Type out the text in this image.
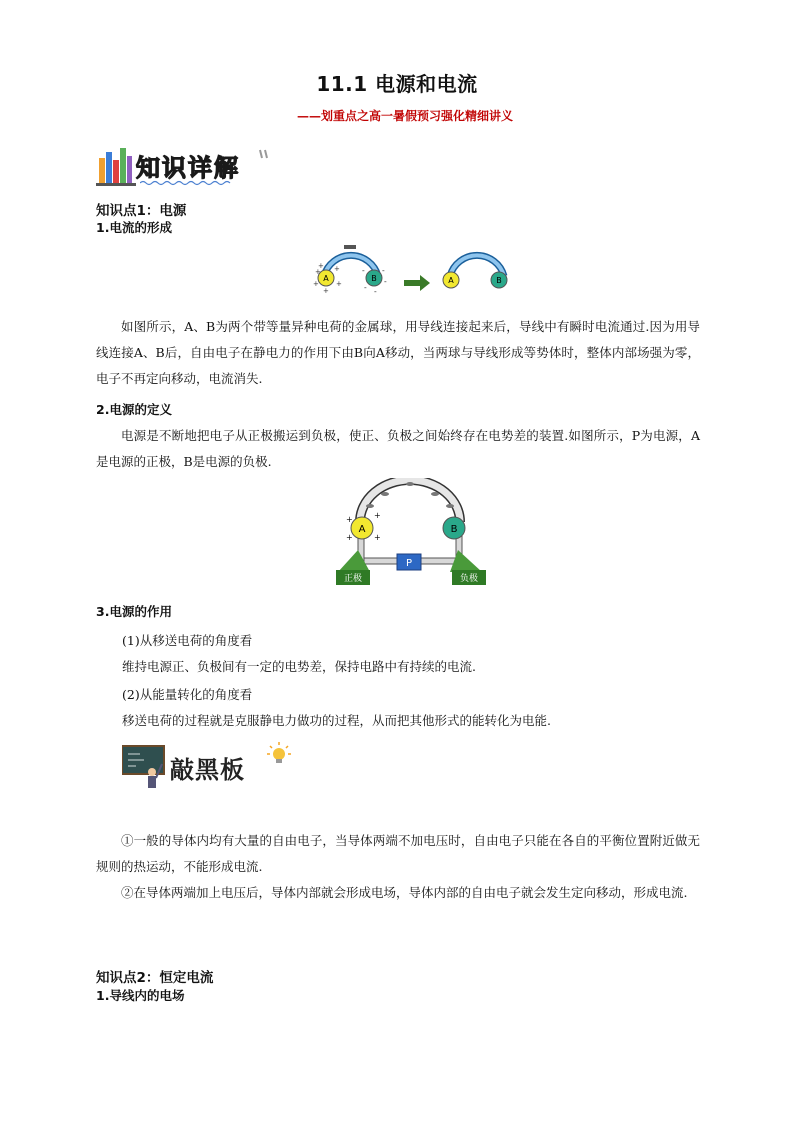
11.1 电源和电流
——划重点之高一暑假预习强化精细讲义
知识详解
知识点1：电源
1.电流的形成
A
+ +
+ +
+
+
B
- -
-
- -
A	B
如图所示，A、B为两个带等量异种电荷的金属球，用导线连接起来后，导线中有瞬时电流通过.因为用导线连接A、B后，自由电子在静电力的作用下由B向A移动，当两球与导线形成等势体时，整体内部场强为零，电子不再定向移动，电流消失.
2.电源的定义
电源是不断地把电子从正极搬运到负极，使正、负极之间始终存在电势差的装置.如图所示，P为电源，A是电源的正极，B是电源的负极.
A
+	+
+	+
B
P
正极	负极
3.电源的作用
(1)从移送电荷的角度看
维持电源正、负极间有一定的电势差，保持电路中有持续的电流.
(2)从能量转化的角度看
移送电荷的过程就是克服静电力做功的过程，从而把其他形式的能转化为电能.
敲黑板
①一般的导体内均有大量的自由电子，当导体两端不加电压时，自由电子只能在各自的平衡位置附近做无规则的热运动，不能形成电流.
②在导体两端加上电压后，导体内部就会形成电场，导体内部的自由电子就会发生定向移动，形成电流.
知识点2：恒定电流
1.导线内的电场
